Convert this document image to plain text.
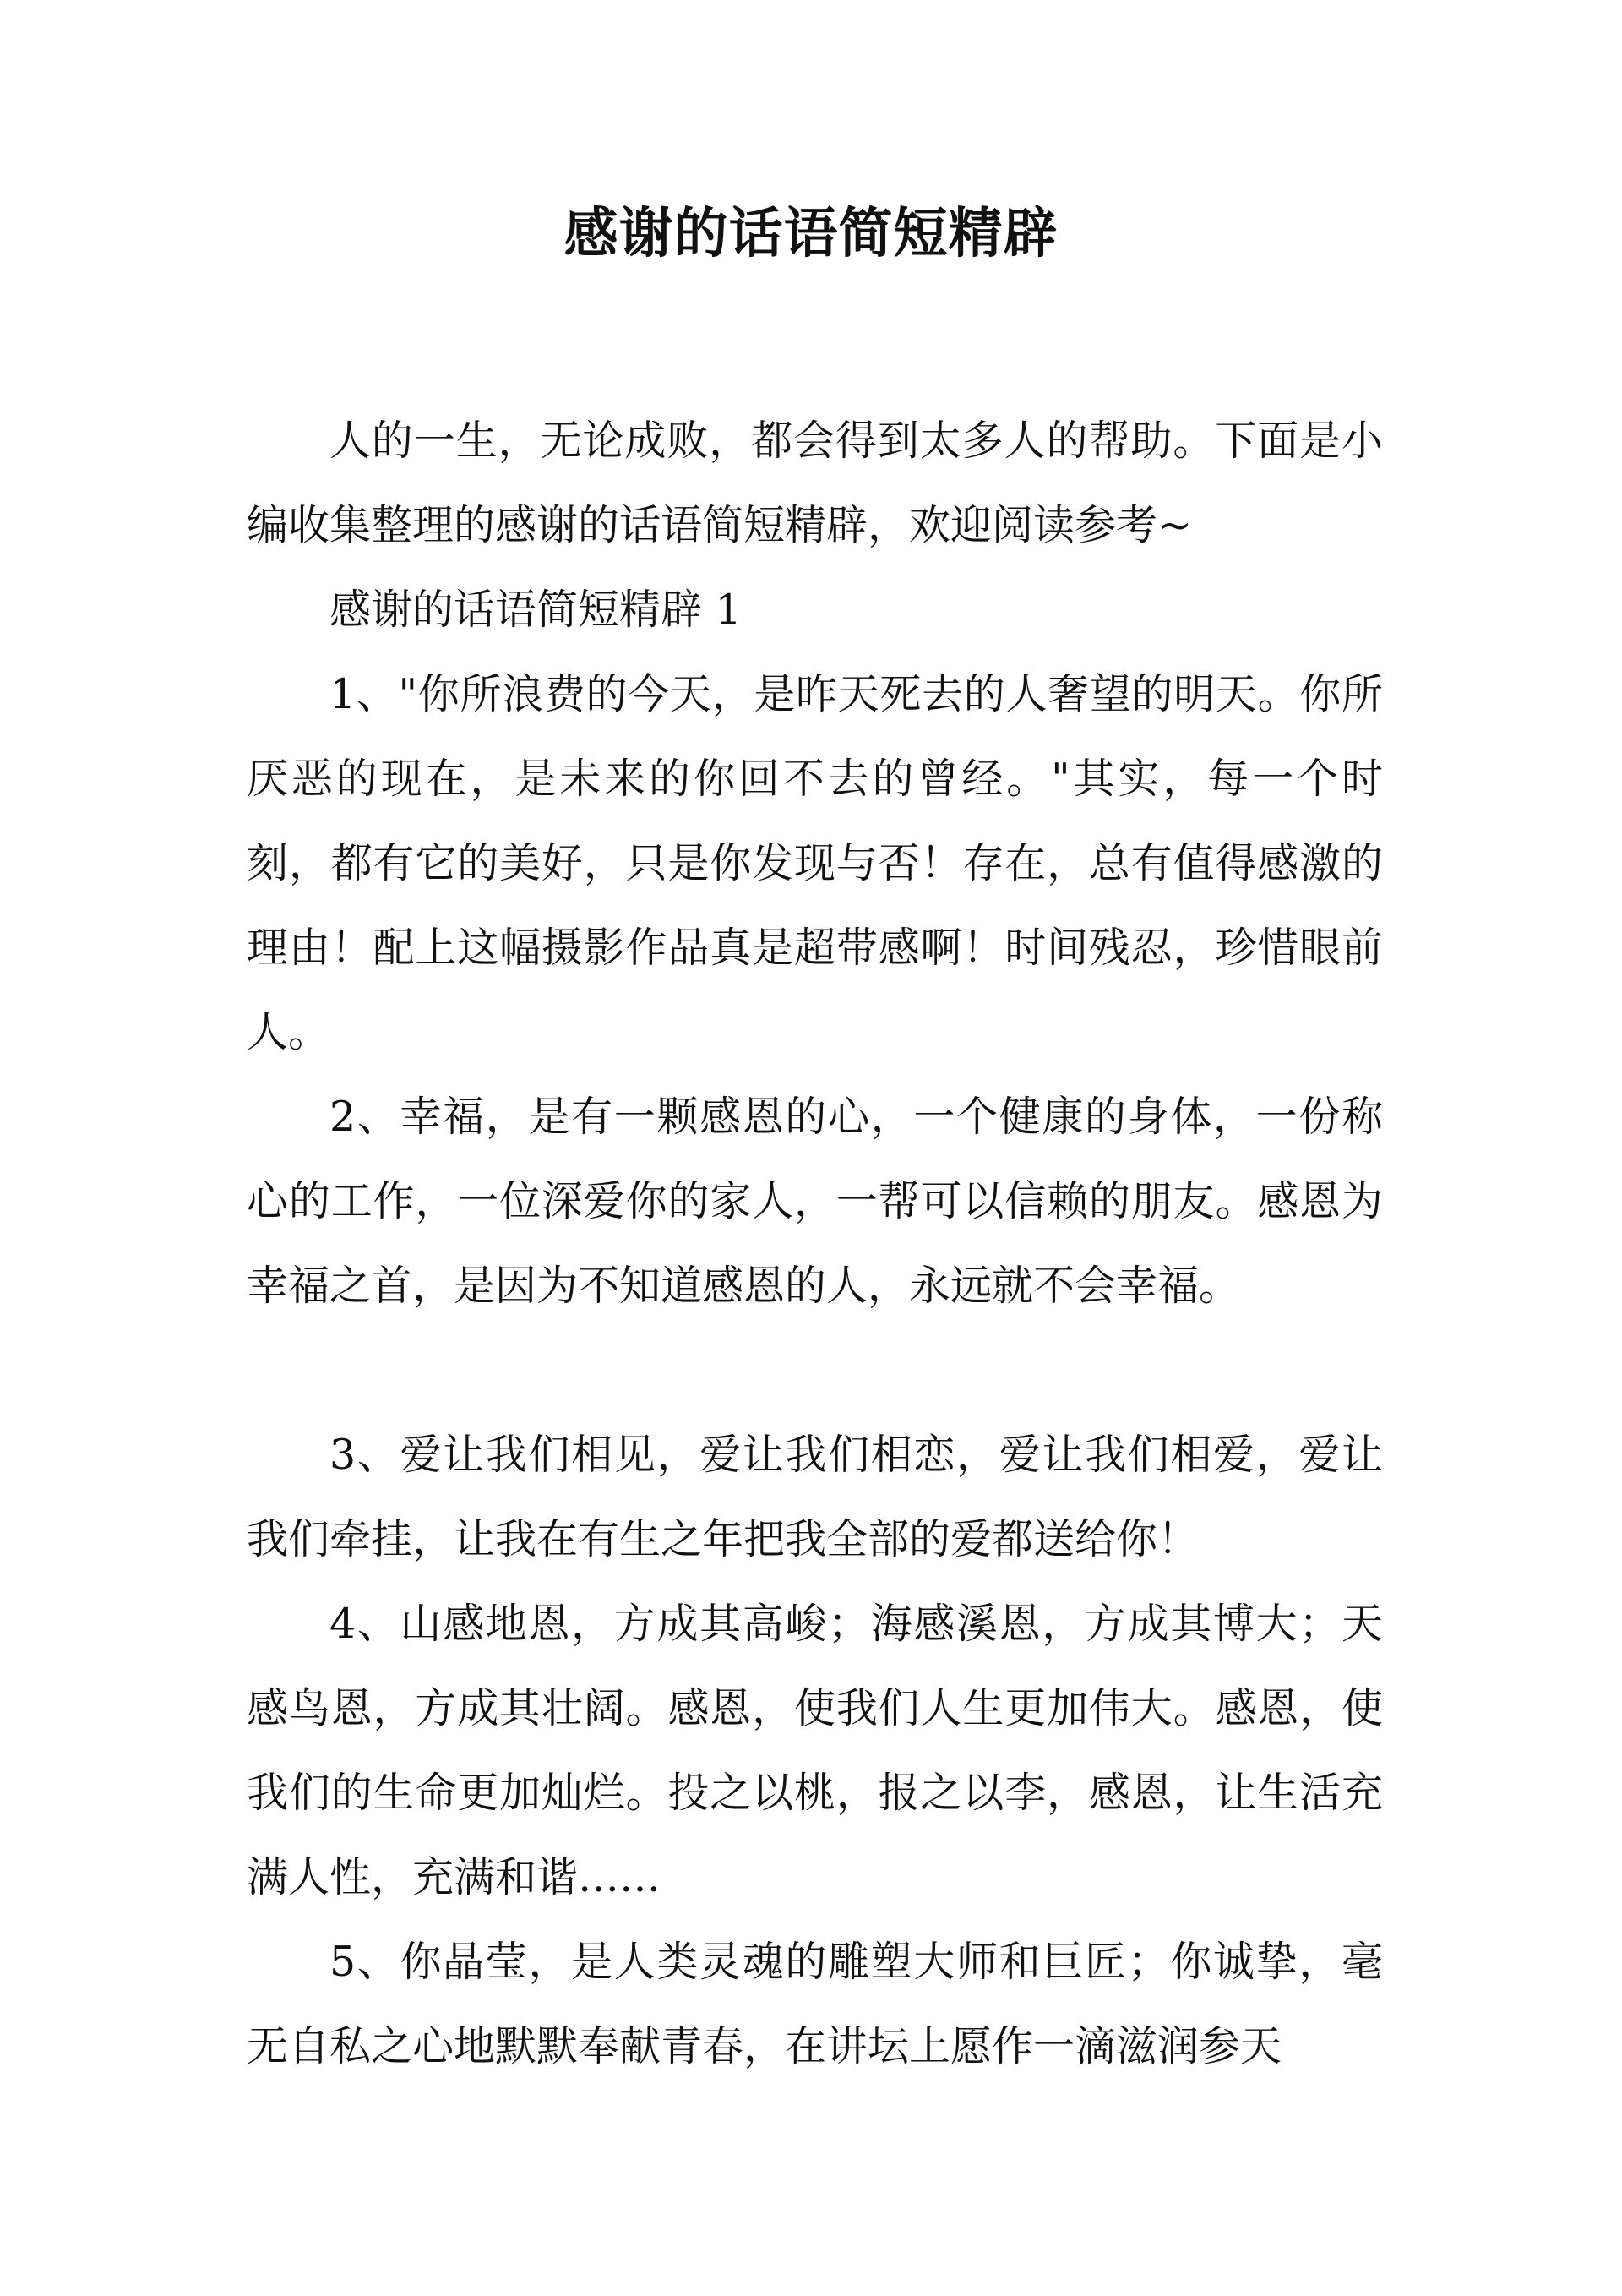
感谢的话语简短精辟

人的一生，无论成败，都会得到太多人的帮助。下面是小编收集整理的感谢的话语简短精辟，欢迎阅读参考~

感谢的话语简短精辟 1

1、"你所浪费的今天，是昨天死去的人奢望的明天。你所厌恶的现在，是未来的你回不去的曾经。"其实，每一个时刻，都有它的美好，只是你发现与否！存在，总有值得感激的理由！配上这幅摄影作品真是超带感啊！时间残忍，珍惜眼前人。

2、幸福，是有一颗感恩的心，一个健康的身体，一份称心的工作，一位深爱你的家人，一帮可以信赖的朋友。感恩为幸福之首，是因为不知道感恩的人，永远就不会幸福。

3、爱让我们相见，爱让我们相恋，爱让我们相爱，爱让我们牵挂，让我在有生之年把我全部的爱都送给你！

4、山感地恩，方成其高峻；海感溪恩，方成其博大；天感鸟恩，方成其壮阔。感恩，使我们人生更加伟大。感恩，使我们的生命更加灿烂。投之以桃，报之以李，感恩，让生活充满人性，充满和谐……

5、你晶莹，是人类灵魂的雕塑大师和巨匠；你诚挚，毫无自私之心地默默奉献青春，在讲坛上愿作一滴滋润参天
